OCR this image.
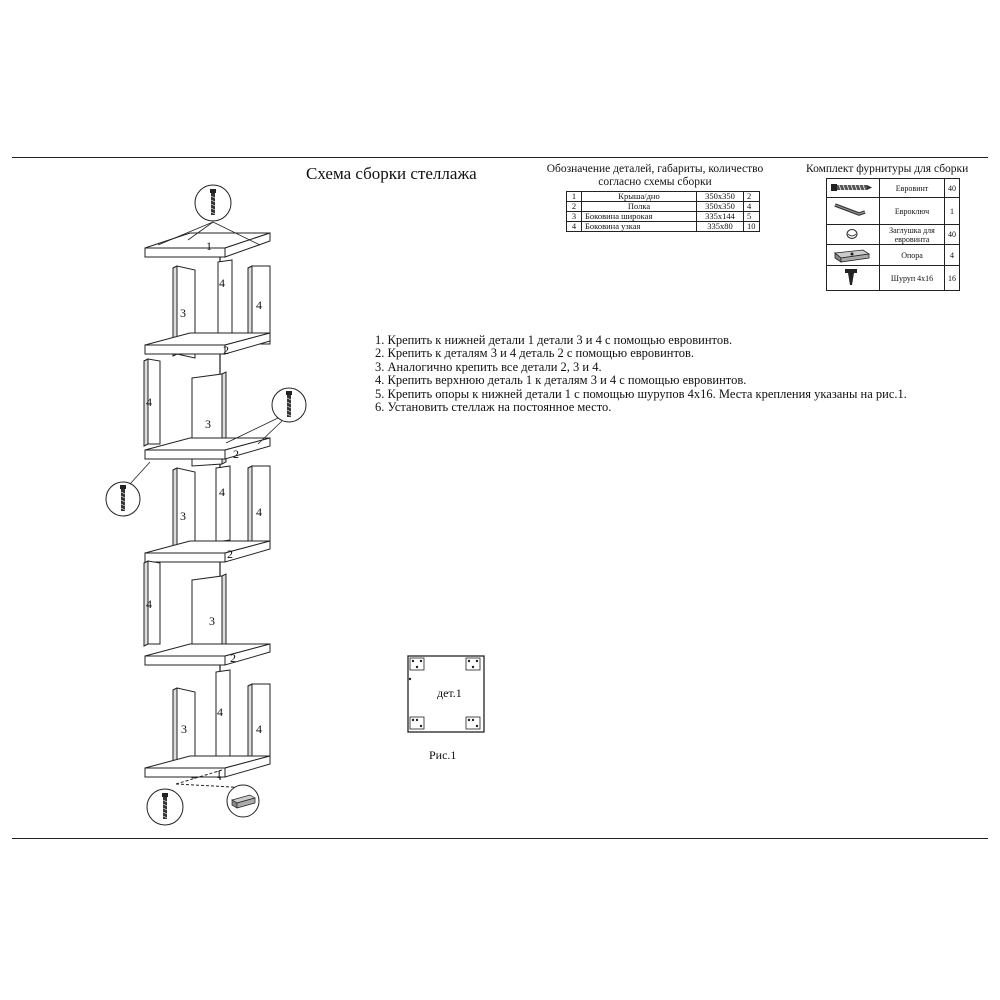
Схема сборки стеллажа	Обозначение деталей, габариты, количество
согласно схемы сборки
1	Крыша/дно	350x350	2
2	Полка	350x350	4
3	Боковина широкая	335x144	5
4	Боковина узкая	335x80	10
Комплект фурнитуры для сборки
	Евровинт	40
	Евроключ	1
	Заглушка для евровинта	40
	Опора	4
	Шуруп 4x16	16
1. Крепить к нижней детали 1 детали 3 и 4 с помощью евровинтов.
2. Крепить к деталям 3 и 4 деталь 2 с помощью евровинтов.
3. Аналогично крепить все детали 2, 3 и 4.
4. Крепить верхнюю деталь 1 к деталям 3 и 4 с помощью евровинтов.
5. Крепить опоры к нижней детали 1 с помощью шурупов 4x16. Места крепления указаны на рис.1.
6. Установить стеллаж на постоянное место.
1
3
4
4
2
4
3
2
4
3	4
2
4
3
2
4
3	4
1
дет.1
Рис.1
